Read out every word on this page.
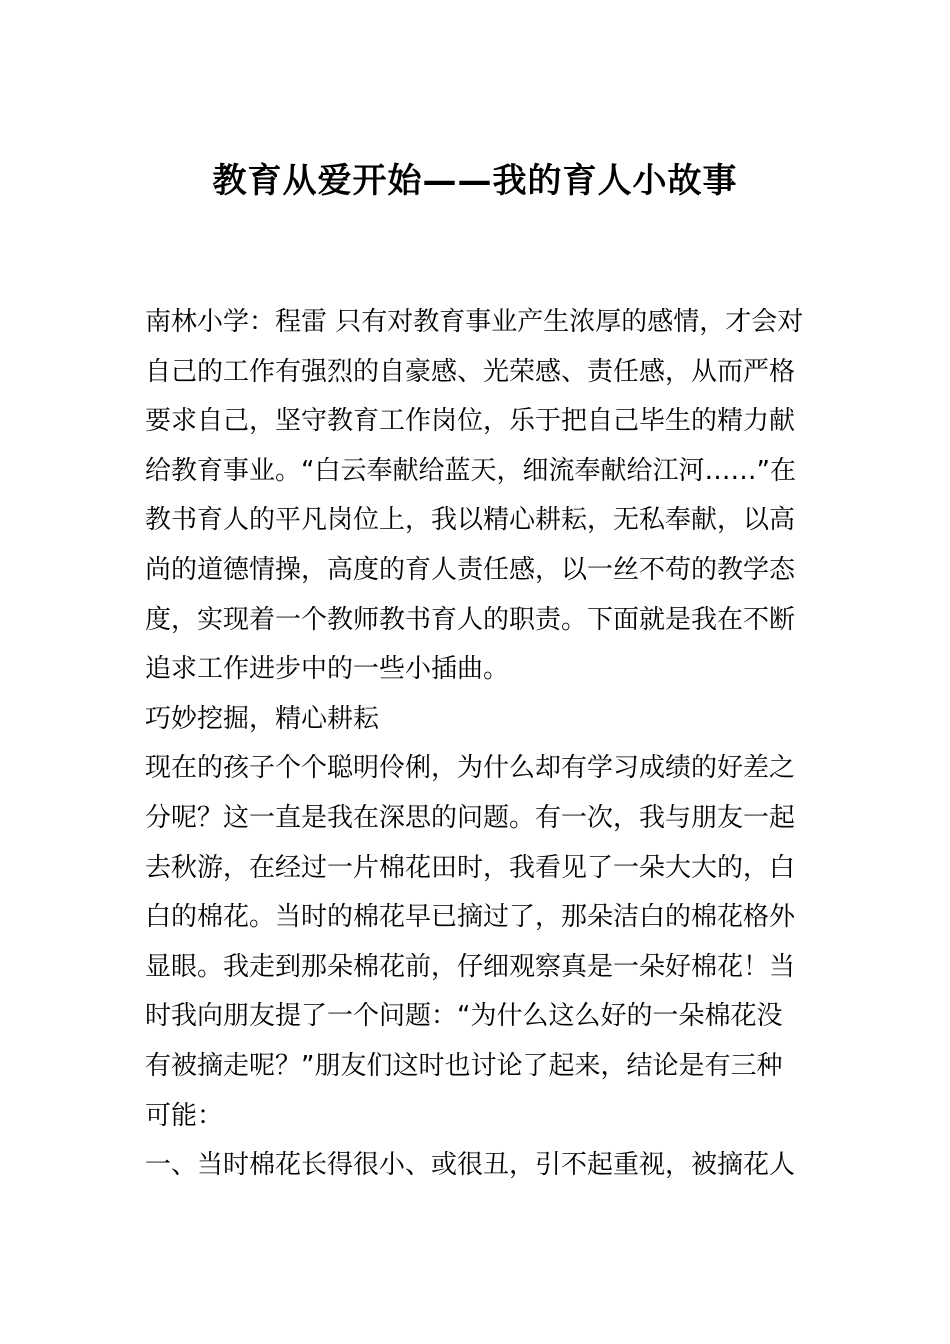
教育从爱开始——我的育人小故事
南林小学：程雷 只有对教育事业产生浓厚的感情，才会对
自己的工作有强烈的自豪感、光荣感、责任感，从而严格
要求自己，坚守教育工作岗位，乐于把自己毕生的精力献
给教育事业。“白云奉献给蓝天，细流奉献给江河……”在
教书育人的平凡岗位上，我以精心耕耘，无私奉献，以高
尚的道德情操，高度的育人责任感，以一丝不苟的教学态
度，实现着一个教师教书育人的职责。下面就是我在不断
追求工作进步中的一些小插曲。
巧妙挖掘，精心耕耘
现在的孩子个个聪明伶俐，为什么却有学习成绩的好差之
分呢？这一直是我在深思的问题。有一次，我与朋友一起
去秋游，在经过一片棉花田时，我看见了一朵大大的，白
白的棉花。当时的棉花早已摘过了，那朵洁白的棉花格外
显眼。我走到那朵棉花前，仔细观察真是一朵好棉花！当
时我向朋友提了一个问题：“为什么这么好的一朵棉花没
有被摘走呢？”朋友们这时也讨论了起来，结论是有三种
可能：
一、当时棉花长得很小、或很丑，引不起重视，被摘花人
